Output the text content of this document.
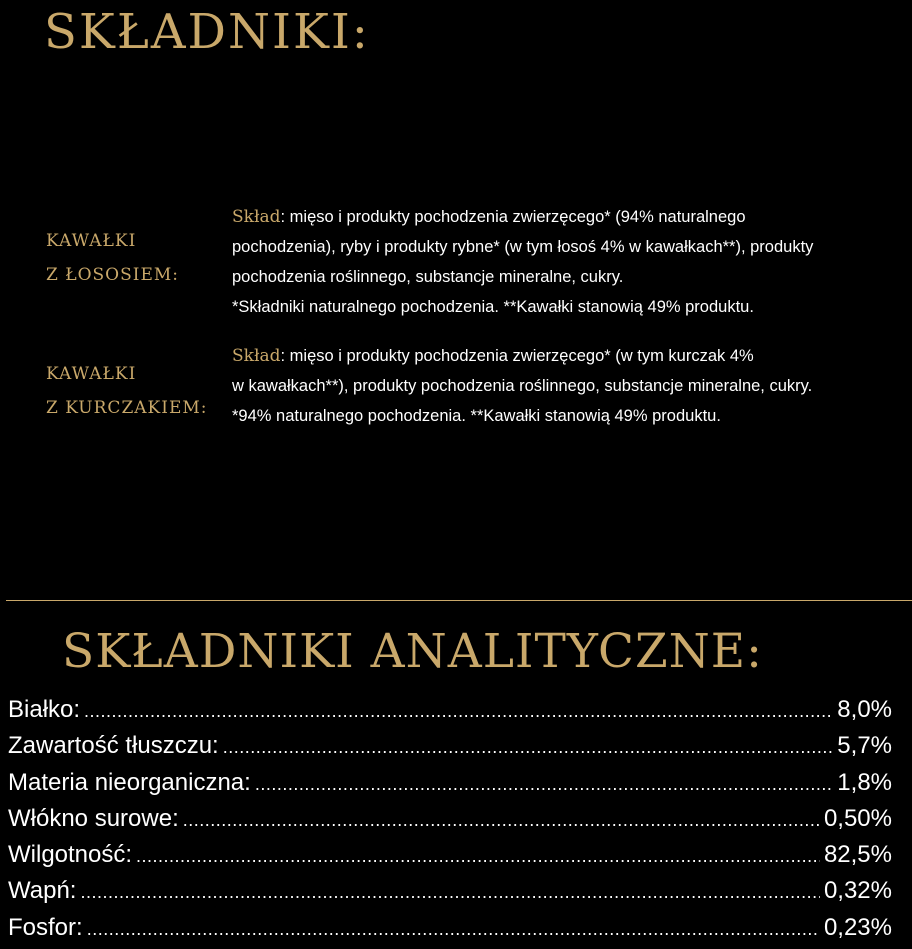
SKŁADNIKI:
KAWAŁKI
Z ŁOSOSIEM:

Skład: mięso i produkty pochodzenia zwierzęcego* (94% naturalnego

pochodzenia), ryby i produkty rybne* (w tym łosoś 4% w kawałkach**), produkty

pochodzenia roślinnego, substancje mineralne, cukry.

*Składniki naturalnego pochodzenia. **Kawałki stanowią 49% produktu.

KAWAŁKI
Z KURCZAKIEM:

Skład: mięso i produkty pochodzenia zwierzęcego* (w tym kurczak 4%

w kawałkach**), produkty pochodzenia roślinnego, substancje mineralne, cukry.

*94% naturalnego pochodzenia. **Kawałki stanowią 49% produktu.

SKŁADNIKI ANALITYCZNE:
Białko: .....	8,0%
Zawartość tłuszczu: .....	5,7%
Materia nieorganiczna: .....	1,8%
Włókno surowe: .....	0,50%
Wilgotność: .....	82,5%
Wapń: .....	0,32%
Fosfor: .....	0,23%
